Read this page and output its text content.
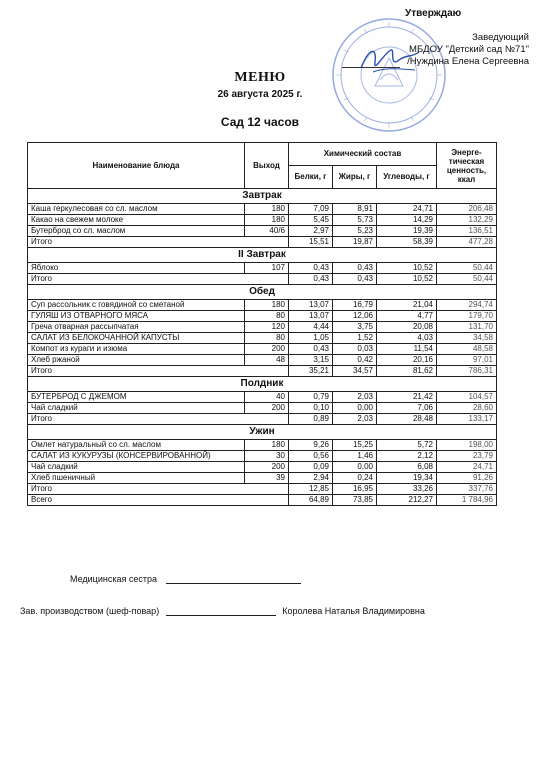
Утверждаю
Заведующий
МБДОУ "Детский сад №71"
/Нуждина Елена Сергеевна
МЕНЮ
26 августа 2025 г.
Сад 12 часов
Наименование блюда	Выход	Химический состав			Энерге-тическая ценность, ккал
		Белки, г	Жиры, г	Углеводы, г	
Завтрак					
Каша геркулесовая со сл. маслом	180	7,09	8,91	24,71	206,48
Какао на свежем молоке	180	5,45	5,73	14,29	132,29
Бутерброд со сл. маслом	40/6	2,97	5,23	19,39	136,51
Итого		15,51	19,87	58,39	477,28
II Завтрак					
Яблоко	107	0,43	0,43	10,52	50,44
Итого		0,43	0,43	10,52	50,44
Обед					
Суп рассольник с говядиной со сметаной	180	13,07	16,79	21,04	294,74
ГУЛЯШ ИЗ ОТВАРНОГО МЯСА	80	13,07	12,06	4,77	179,70
Греча отварная рассыпчатая	120	4,44	3,75	20,08	131,70
САЛАТ ИЗ БЕЛОКОЧАННОЙ КАПУСТЫ	80	1,05	1,52	4,03	34,58
Компот из кураги и изюма	200	0,43	0,03	11,54	48,58
Хлеб ржаной	48	3,15	0,42	20,16	97,01
Итого		35,21	34,57	81,62	786,31
Полдник					
БУТЕРБРОД С ДЖЕМОМ	40	0,79	2,03	21,42	104,57
Чай сладкий	200	0,10	0,00	7,06	28,60
Итого		0,89	2,03	28,48	133,17
Ужин					
Омлет натуральный со сл. маслом	180	9,26	15,25	5,72	198,00
САЛАТ ИЗ КУКУРУЗЫ (КОНСЕРВИРОВАННОЙ)	30	0,56	1,46	2,12	23,79
Чай сладкий	200	0,09	0,00	6,08	24,71
Хлеб пшеничный	39	2,94	0,24	19,34	91,26
Итого		12,85	16,95	33,26	337,76
Всего		64,89	73,85	212,27	1 784,96
Медицинская сестра
Зав. производством (шеф-повар)	Королева Наталья Владимировна
